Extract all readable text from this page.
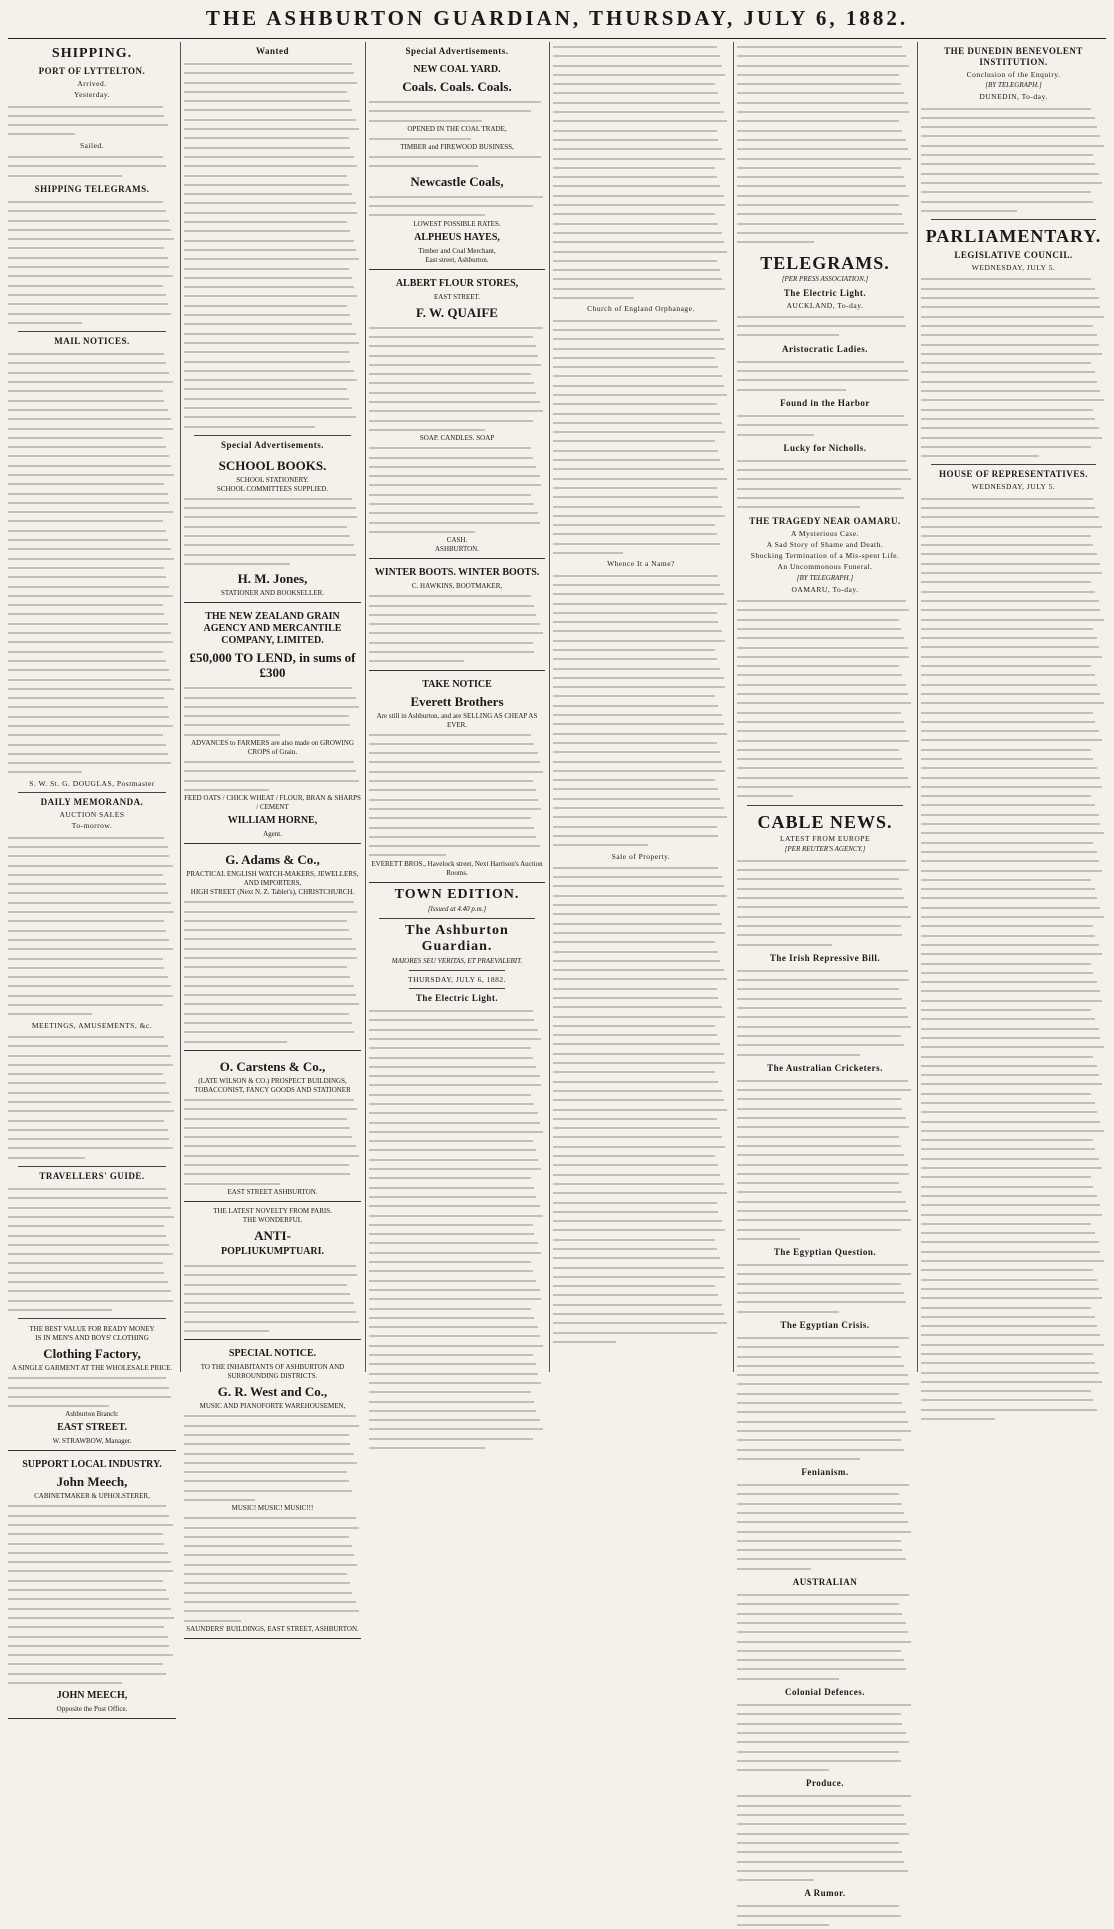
THE ASHBURTON GUARDIAN, THURSDAY, JULY 6, 1882.
SHIPPING.
PORT OF LYTTELTON.
Arrived.
Yesterday.
Sailed.
SHIPPING TELEGRAMS.
MAIL NOTICES.
S. W. St. G. DOUGLAS, Postmaster
DAILY MEMORANDA.
AUCTION SALES
To-morrow.
MEETINGS, AMUSEMENTS, &c.
TRAVELLERS' GUIDE.
THE BEST VALUE FOR READY MONEY
IS IN MEN'S AND BOYS' CLOTHING
Clothing Factory,
A SINGLE GARMENT AT THE WHOLESALE PRICE.
Ashburton Branch:
EAST STREET.
W. STRAWBOW, Manager.
SUPPORT LOCAL INDUSTRY.
John Meech,
CABINETMAKER & UPHOLSTERER,
JOHN MEECH,
Opposite the Post Office.
Wanted
Special Advertisements.
SCHOOL BOOKS.
SCHOOL STATIONERY.
SCHOOL COMMITTEES SUPPLIED.
H. M. Jones,
STATIONER AND BOOKSELLER.
THE NEW ZEALAND GRAIN AGENCY AND MERCANTILE COMPANY, LIMITED.
£50,000 TO LEND, in sums of £300
ADVANCES to FARMERS are also made on GROWING CROPS of Grain.
FEED OATS / CHICK WHEAT / FLOUR, BRAN & SHARPS / CEMENT
WILLIAM HORNE,
Agent.
G. Adams & Co.,
PRACTICAL ENGLISH WATCH-MAKERS, JEWELLERS, AND IMPORTERS,
HIGH STREET (Next N. Z. Tablet's), CHRISTCHURCH.
O. Carstens & Co.,
(LATE WILSON & CO.) PROSPECT BUILDINGS, TOBACCONIST, FANCY GOODS AND STATIONER
EAST STREET ASHBURTON.
THE LATEST NOVELTY FROM PARIS.
THE WONDERFUL
ANTI-
POPLIUKUMPTUARI.
SPECIAL NOTICE.
TO THE INHABITANTS OF ASHBURTON AND SURROUNDING DISTRICTS.
G. R. West and Co.,
MUSIC AND PIANOFORTE WAREHOUSEMEN,
MUSIC! MUSIC! MUSIC!!!
SAUNDERS' BUILDINGS, EAST STREET, ASHBURTON.
Special Advertisements.
NEW COAL YARD.
Coals. Coals. Coals.
OPENED IN THE COAL TRADE,
TIMBER and FIREWOOD BUSINESS,
Newcastle Coals,
LOWEST POSSIBLE RATES.
ALPHEUS HAYES,
Timber and Coal Merchant,
East street, Ashburton.
ALBERT FLOUR STORES,
EAST STREET.
F. W. QUAIFE
SOAP. CANDLES. SOAP
CASH.
ASHBURTON.
WINTER BOOTS. WINTER BOOTS.
C. HAWKINS, BOOTMAKER,
TAKE NOTICE
Everett Brothers
Are still in Ashburton, and are SELLING AS CHEAP AS EVER.
EVERETT BROS., Havelock street, Next Harrison's Auction Rooms.
TOWN EDITION.
[Issued at 4.40 p.m.]
The Ashburton Guardian.
MAIORES SEU VERITAS, ET PRAEVALEBIT.
THURSDAY, JULY 6, 1882.
The Electric Light.
Church of England Orphanage.
Whence It a Name?
Sale of Property.
TELEGRAMS.
[PER PRESS ASSOCIATION.]
The Electric Light.
AUCKLAND, To-day.
Aristocratic Ladies.
Found in the Harbor
Lucky for Nicholls.
THE TRAGEDY NEAR OAMARU.
A Mysterious Case.
A Sad Story of Shame and Death.
Shocking Termination of a Mis-spent Life.
An Uncommonous Funeral.
[BY TELEGRAPH.]
OAMARU, To-day.
CABLE NEWS.
LATEST FROM EUROPE
[PER REUTER'S AGENCY.]
The Irish Repressive Bill.
The Australian Cricketers.
The Egyptian Question.
The Egyptian Crisis.
Fenianism.
AUSTRALIAN
Colonial Defences.
Produce.
A Rumor.
THE DUNEDIN BENEVOLENT INSTITUTION.
Conclusion of the Enquiry.
[BY TELEGRAPH.]
DUNEDIN, To-day.
PARLIAMENTARY.
LEGISLATIVE COUNCIL.
WEDNESDAY, JULY 5.
HOUSE OF REPRESENTATIVES.
WEDNESDAY, JULY 5.
